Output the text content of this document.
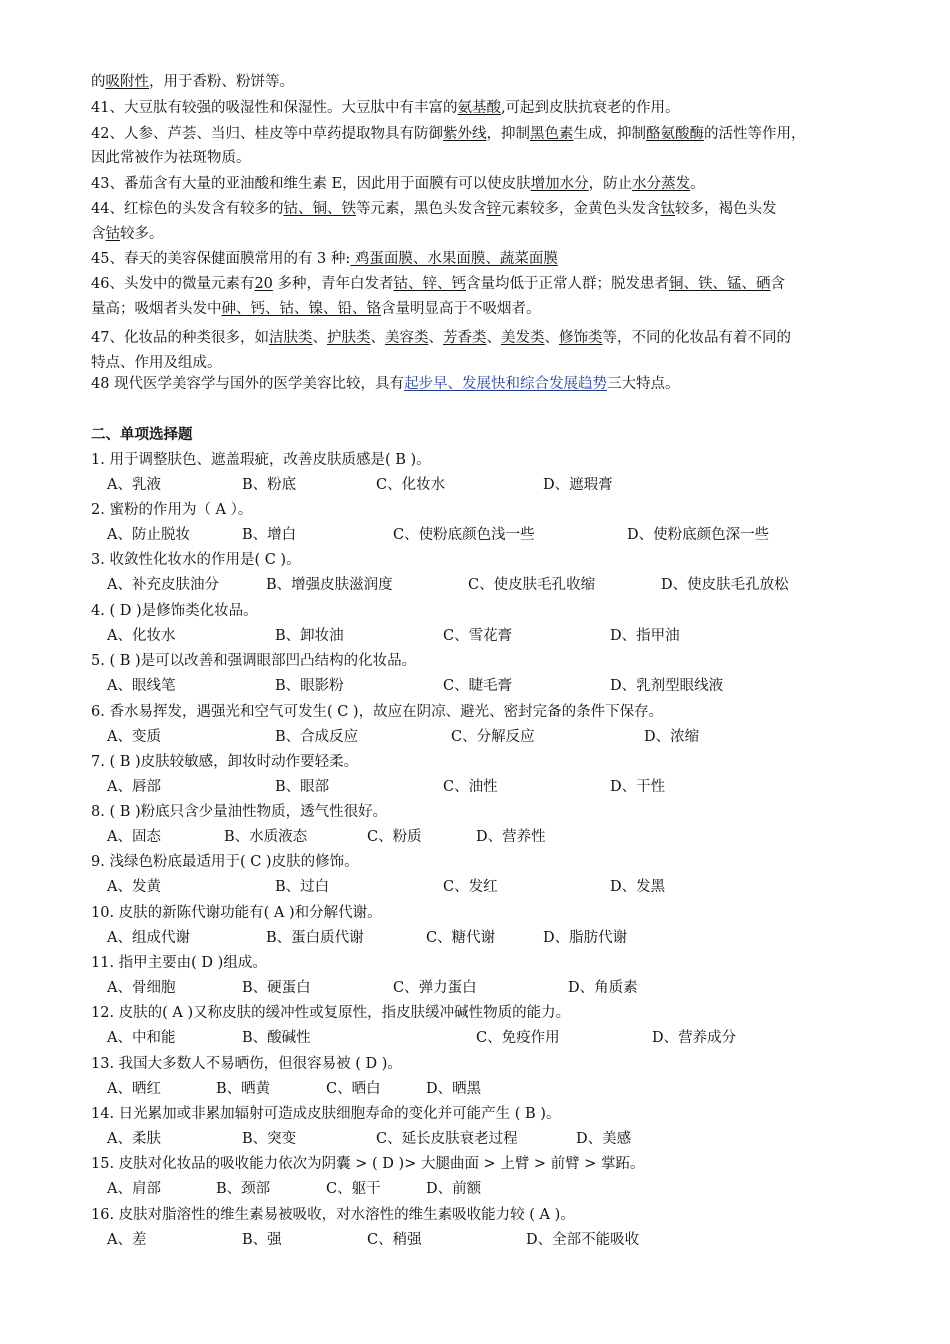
的吸附性，用于香粉、粉饼等。
41、大豆肽有较强的吸湿性和保湿性。大豆肽中有丰富的氨基酸,可起到皮肤抗衰老的作用。
42、人参、芦荟、当归、桂皮等中草药提取物具有防御紫外线，抑制黑色素生成，抑制酪氨酸酶的活性等作用，
因此常被作为祛斑物质。
43、番茄含有大量的亚油酸和维生素 E，因此用于面膜有可以使皮肤增加水分，防止水分蒸发。
44、红棕色的头发含有较多的钴、铜、铁等元素，黑色头发含锌元素较多，金黄色头发含钛较多，褐色头发
含钴较多。
45、春天的美容保健面膜常用的有 3 种: 鸡蛋面膜、水果面膜、蔬菜面膜
46、头发中的微量元素有20 多种，青年白发者钴、锌、钙含量均低于正常人群；脱发患者铜、铁、锰、硒含
量高；吸烟者头发中砷、钙、钴、镍、铅、铬含量明显高于不吸烟者。
47、化妆品的种类很多，如洁肤类、护肤类、美容类、芳香类、美发类、修饰类等，不同的化妆品有着不同的
特点、作用及组成。
48 现代医学美容学与国外的医学美容比较，具有起步早、发展快和综合发展趋势三大特点。
二、单项选择题
1. 用于调整肤色、遮盖瑕疵，改善皮肤质感是( B )。
A、乳液	B、粉底	C、化妆水	D、遮瑕膏
2. 蜜粉的作用为（ A ）。
A、防止脱妆	B、增白	C、使粉底颜色浅一些	D、使粉底颜色深一些
3. 收敛性化妆水的作用是( C )。
A、补充皮肤油分	B、增强皮肤滋润度	C、使皮肤毛孔收缩	D、使皮肤毛孔放松
4. ( D )是修饰类化妆品。
A、化妆水	B、卸妆油	C、雪花膏	D、指甲油
5. ( B )是可以改善和强调眼部凹凸结构的化妆品。
A、眼线笔	B、眼影粉	C、睫毛膏	D、乳剂型眼线液
6. 香水易挥发，遇强光和空气可发生( C )，故应在阴凉、避光、密封完备的条件下保存。
A、变质	B、合成反应	C、分解反应	D、浓缩
7. ( B )皮肤较敏感，卸妆时动作要轻柔。
A、唇部	B、眼部	C、油性	D、干性
8. ( B )粉底只含少量油性物质，透气性很好。
A、固态	B、水质液态	C、粉质	D、营养性
9. 浅绿色粉底最适用于( C )皮肤的修饰。
A、发黄	B、过白	C、发红	D、发黑
10. 皮肤的新陈代谢功能有( A )和分解代谢。
A、组成代谢	B、蛋白质代谢	C、糖代谢	D、脂肪代谢
11. 指甲主要由( D )组成。
A、骨细胞	B、硬蛋白	C、弹力蛋白	D、角质素
12. 皮肤的( A )又称皮肤的缓冲性或复原性，指皮肤缓冲碱性物质的能力。
A、中和能	B、酸碱性	C、免疫作用	D、营养成分
13. 我国大多数人不易晒伤，但很容易被 ( D )。
A、晒红	B、晒黄	C、晒白	D、晒黑
14. 日光累加或非累加辐射可造成皮肤细胞寿命的变化并可能产生 ( B )。
A、柔肤	B、突变	C、延长皮肤衰老过程	D、美感
15. 皮肤对化妆品的吸收能力依次为阴囊 > ( D )> 大腿曲面 > 上臂 > 前臂 > 掌跖。
A、肩部	B、颈部	C、躯干	D、前额
16. 皮肤对脂溶性的维生素易被吸收，对水溶性的维生素吸收能力较 ( A )。
A、差	B、强	C、稍强	D、全部不能吸收
